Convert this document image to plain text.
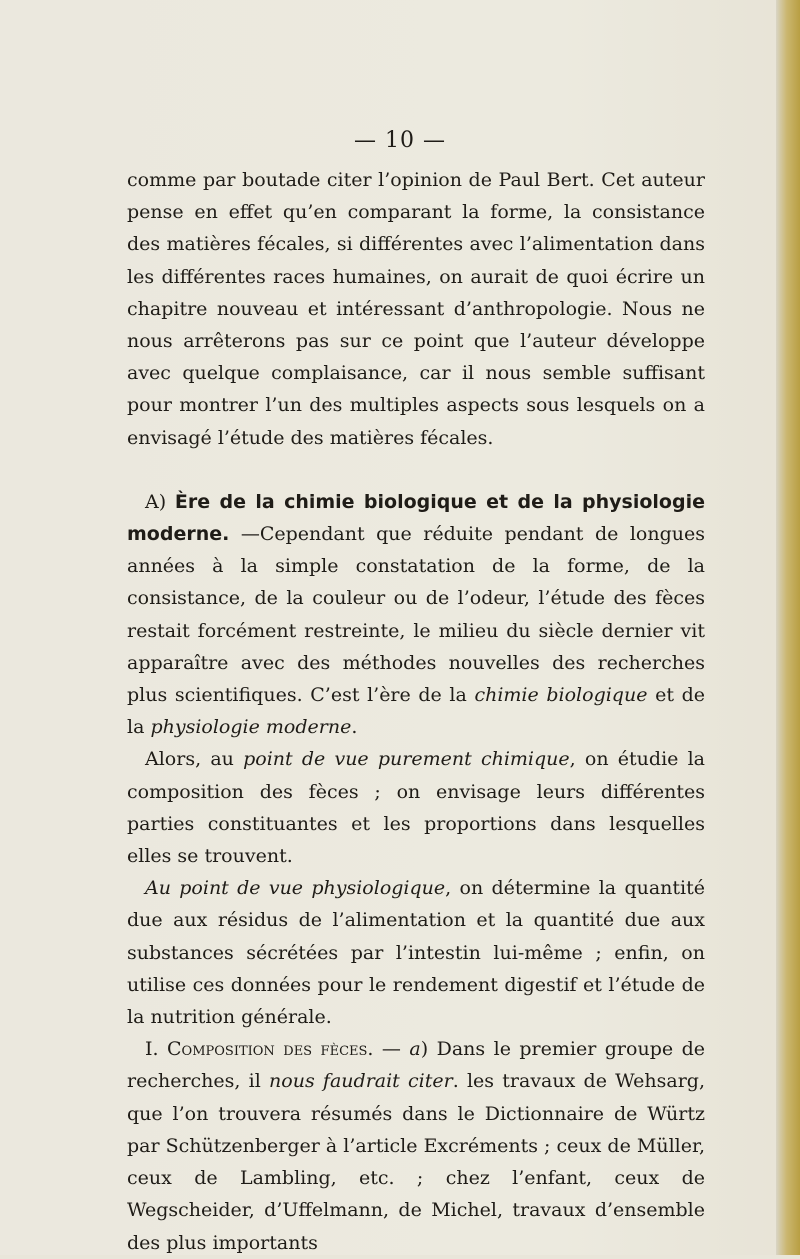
— 10 —

comme par boutade citer l’opinion de Paul Bert. Cet auteur pense en effet qu’en comparant la forme, la consistance des matières fécales, si différentes avec l’alimentation dans les différentes races humaines, on aurait de quoi écrire un chapitre nouveau et intéressant d’anthropologie. Nous ne nous arrêterons pas sur ce point que l’auteur développe avec quelque complaisance, car il nous semble suffisant pour montrer l’un des multiples aspects sous lesquels on a envisagé l’étude des matières fécales.

A) Ère de la chimie biologique et de la physiologie moderne. —Cependant que réduite pendant de longues années à la simple constatation de la forme, de la consistance, de la couleur ou de l’odeur, l’étude des fèces restait forcément restreinte, le milieu du siècle dernier vit apparaître avec des méthodes nouvelles des recherches plus scientifiques. C’est l’ère de la chimie biologique et de la physiologie moderne.

Alors, au point de vue purement chimique, on étudie la composition des fèces ; on envisage leurs différentes parties constituantes et les proportions dans lesquelles elles se trouvent.

Au point de vue physiologique, on détermine la quantité due aux résidus de l’alimentation et la quantité due aux substances sécrétées par l’intestin lui-même ; enfin, on utilise ces données pour le rendement digestif et l’étude de la nutrition générale.

I. Composition des fèces. — a) Dans le premier groupe de recherches, il nous faudrait citer. les travaux de Wehsarg, que l’on trouvera résumés dans le Dictionnaire de Würtz par Schützenberger à l’article Excréments ; ceux de Müller, ceux de Lambling, etc. ; chez l’enfant, ceux de Wegscheider, d’Uffelmann, de Michel, travaux d’ensemble des plus importants
